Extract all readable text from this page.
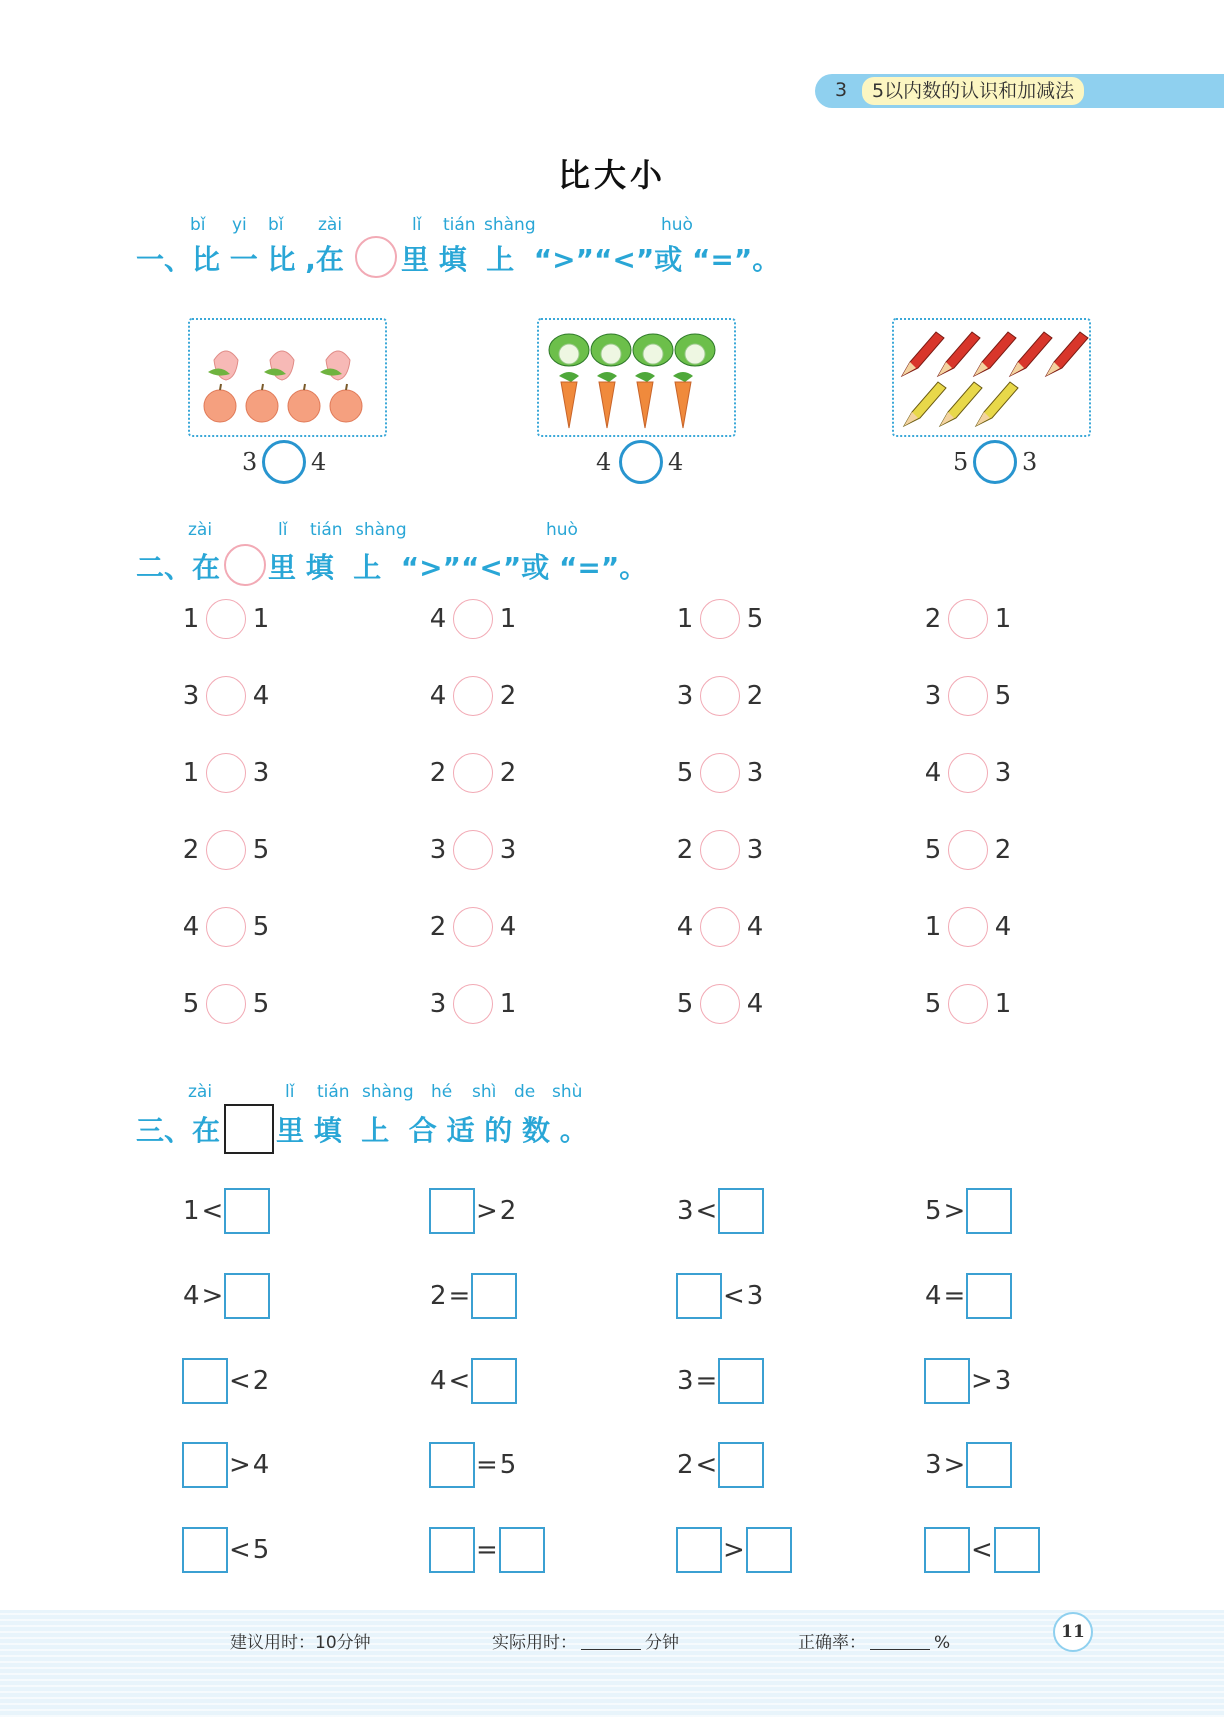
3	5以内数的认识和加减法
比大小
bǐ yi bǐ zài	lǐ tián shàng	huò
一、比 一 比 ,在 里 填  上  “>”“<”或 “=”。
3 4	4 4	5 3
zài	lǐ tián shàng	huò
二、在 里 填  上  “>”“<”或 “=”。
1 1	4 1	1 5	2 1
3 4	4 2	3 2	3 5
1 3	2 2	5 3	4 3
2 5	3 3	2 3	5 2
4 5	2 4	4 4	1 4
5 5	3 1	5 4	5 1
zài	lǐ tián shàng hé shì de shù
三、在 里 填  上  合 适 的 数 。
1 <	> 2	3 <	5 >
4 >	2 =	< 3	4 =
< 2	4 <	3 =	> 3
> 4	= 5	2 <	3 >
< 5	=	>	<
建议用时：10分钟	实际用时：	分钟	正确率：	%
11
